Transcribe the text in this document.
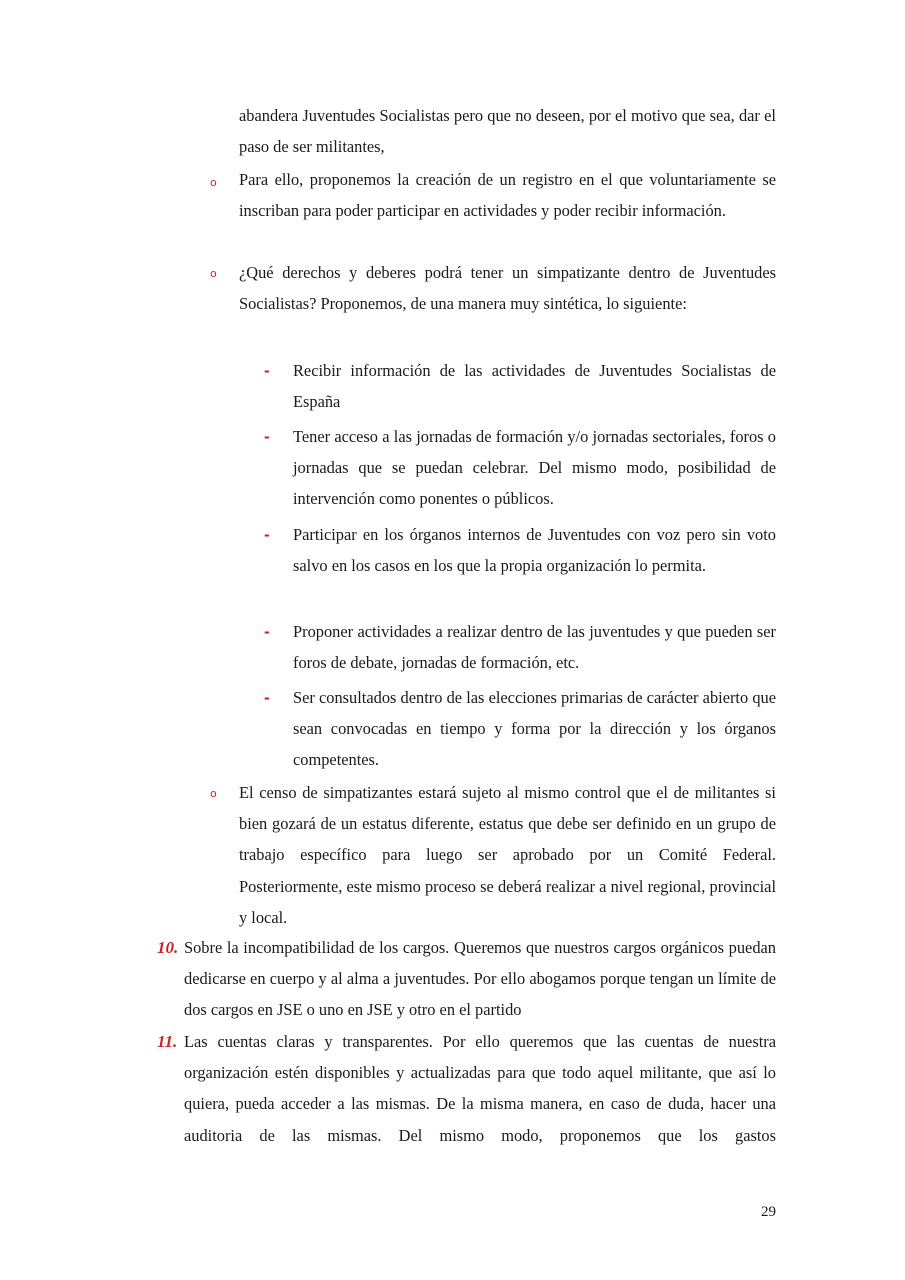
abandera Juventudes Socialistas pero que no deseen, por el motivo que sea, dar el paso de ser militantes,

o Para ello, proponemos la creación de un registro en el que voluntariamente se inscriban para poder participar en actividades y poder recibir información.

o ¿Qué derechos y deberes podrá tener un simpatizante dentro de Juventudes Socialistas? Proponemos, de una manera muy sintética, lo siguiente:

- Recibir información de las actividades de Juventudes Socialistas de España

- Tener acceso a las jornadas de formación y/o jornadas sectoriales, foros o jornadas que se puedan celebrar. Del mismo modo, posibilidad de intervención como ponentes o públicos.

- Participar en los órganos internos de Juventudes con voz pero sin voto salvo en los casos en los que la propia organización lo permita.

- Proponer actividades a realizar dentro de las juventudes y que pueden ser foros de debate, jornadas de formación, etc.

- Ser consultados dentro de las elecciones primarias de carácter abierto que sean convocadas en tiempo y forma por la dirección y los órganos competentes.

o El censo de simpatizantes estará sujeto al mismo control que el de militantes si bien gozará de un estatus diferente, estatus que debe ser definido en un grupo de trabajo específico para luego ser aprobado por un Comité Federal. Posteriormente, este mismo proceso se deberá realizar a nivel regional, provincial y local.

10. Sobre la incompatibilidad de los cargos. Queremos que nuestros cargos orgánicos puedan dedicarse en cuerpo y al alma a juventudes. Por ello abogamos porque tengan un límite de dos cargos en JSE o uno en JSE y otro en el partido

11. Las cuentas claras y transparentes. Por ello queremos que las cuentas de nuestra organización estén disponibles y actualizadas para que todo aquel militante, que así lo quiera, pueda acceder a las mismas. De la misma manera, en caso de duda, hacer una auditoria de las mismas. Del mismo modo, proponemos que los gastos

29
